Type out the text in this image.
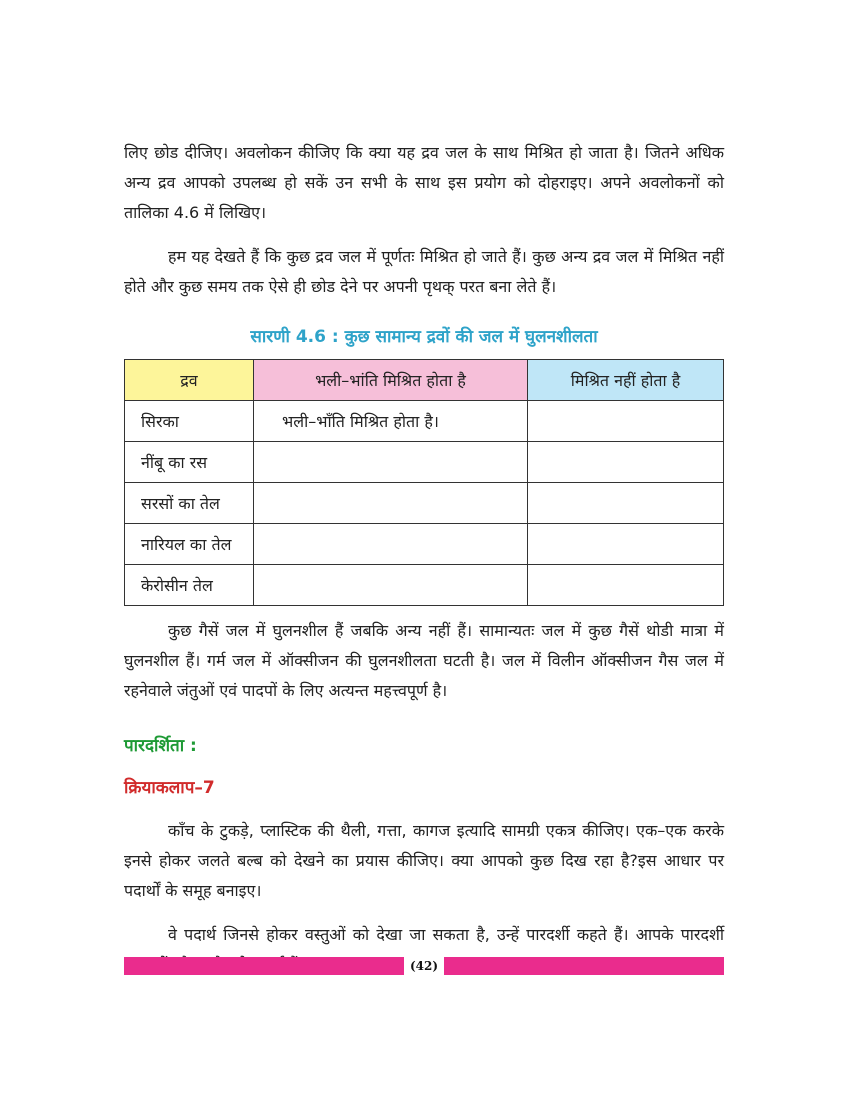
लिए छोड दीजिए। अवलोकन कीजिए कि क्या यह द्रव जल के साथ मिश्रित हो जाता है। जितने अधिक अन्य द्रव आपको उपलब्ध हो सकें उन सभी के साथ इस प्रयोग को दोहराइए। अपने अवलोकनों को तालिका 4.6 में लिखिए।

हम यह देखते हैं कि कुछ द्रव जल में पूर्णतः मिश्रित हो जाते हैं। कुछ अन्य द्रव जल में मिश्रित नहीं होते और कुछ समय तक ऐसे ही छोड देने पर अपनी पृथक् परत बना लेते हैं।

सारणी 4.6 : कुछ सामान्य द्रवों की जल में घुलनशीलता
द्रव	भली–भांति मिश्रित होता है	मिश्रित नहीं होता है
सिरका	भली–भाँति मिश्रित होता है।	
नींबू का रस		
सरसों का तेल		
नारियल का तेल		
केरोसीन तेल		

कुछ गैसें जल में घुलनशील हैं जबकि अन्य नहीं हैं। सामान्यतः जल में कुछ गैसें थोडी मात्रा में घुलनशील हैं। गर्म जल में ऑक्सीजन की घुलनशीलता घटती है। जल में विलीन ऑक्सीजन गैस जल में रहनेवाले जंतुओं एवं पादपों के लिए अत्यन्त महत्त्वपूर्ण है।

पारदर्शिता :
क्रियाकलाप–7

काँच के टुकड़े, प्लास्टिक की थैली, गत्ता, कागज इत्यादि सामग्री एकत्र कीजिए। एक–एक करके इनसे होकर जलते बल्ब को देखने का प्रयास कीजिए। क्या आपको कुछ दिख रहा है?इस आधार पर पदार्थों के समूह बनाइए।

वे पदार्थ जिनसे होकर वस्तुओं को देखा जा सकता है, उन्हें पारदर्शी कहते हैं। आपके पारदर्शी

(42)
